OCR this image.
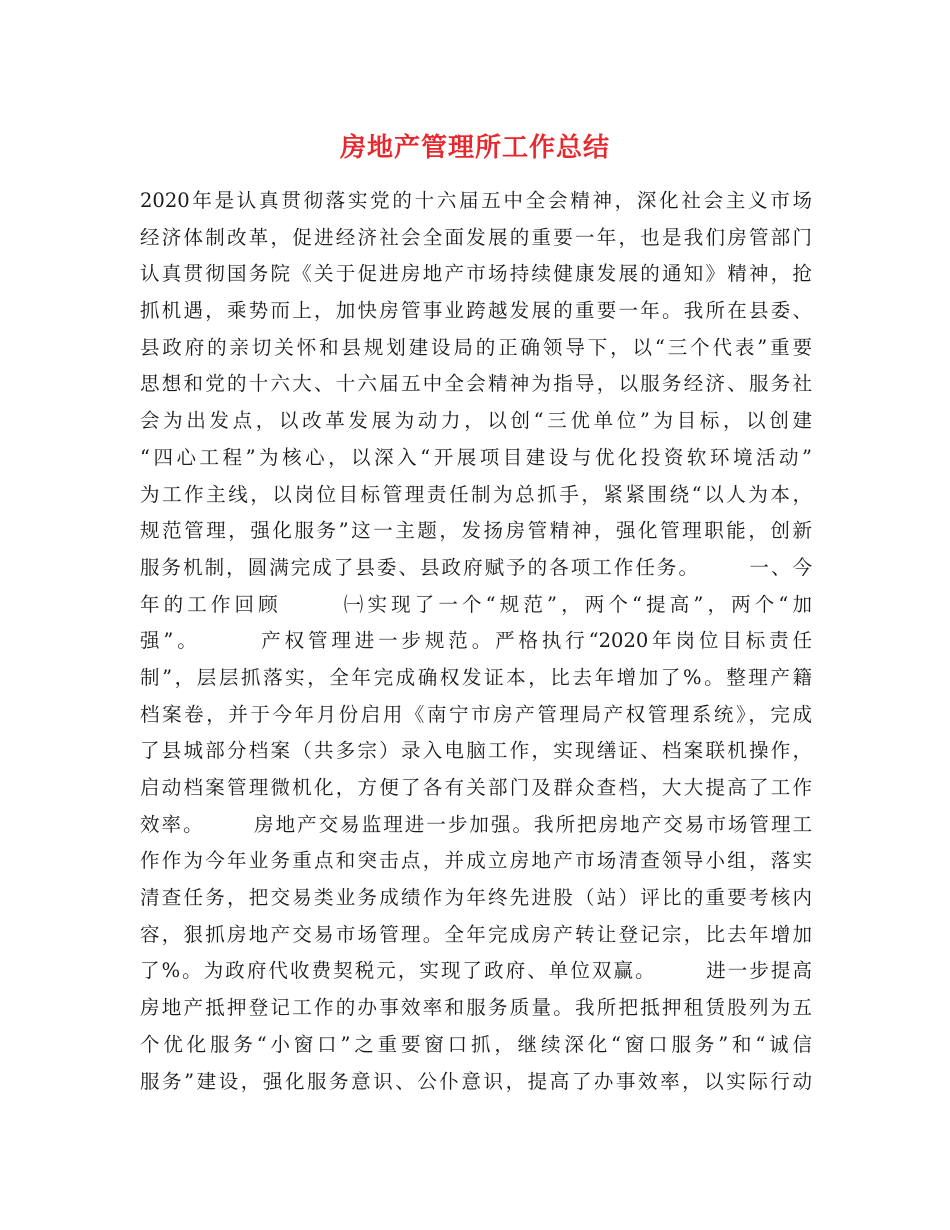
房地产管理所工作总结
2020年是认真贯彻落实党的十六届五中全会精神，深化社会主义市场
经济体制改革，促进经济社会全面发展的重要一年，也是我们房管部门
认真贯彻国务院《关于促进房地产市场持续健康发展的通知》精神，抢
抓机遇，乘势而上，加快房管事业跨越发展的重要一年。我所在县委、
县政府的亲切关怀和县规划建设局的正确领导下，以“三个代表”重要
思想和党的十六大、十六届五中全会精神为指导，以服务经济、服务社
会为出发点，以改革发展为动力，以创“三优单位”为目标，以创建
“四心工程”为核心，以深入“开展项目建设与优化投资软环境活动”
为工作主线，以岗位目标管理责任制为总抓手，紧紧围绕“以人为本，
规范管理，强化服务”这一主题，发扬房管精神，强化管理职能，创新
服务机制，圆满完成了县委、县政府赋予的各项工作任务。      一、今
年的工作回顾      ㈠实现了一个“规范”，两个“提高”，两个“加
强”。      产权管理进一步规范。严格执行“2020年岗位目标责任
制”，层层抓落实，全年完成确权发证本，比去年增加了%。整理产籍
档案卷，并于今年月份启用《南宁市房产管理局产权管理系统》，完成
了县城部分档案（共多宗）录入电脑工作，实现缮证、档案联机操作，
启动档案管理微机化，方便了各有关部门及群众查档，大大提高了工作
效率。      房地产交易监理进一步加强。我所把房地产交易市场管理工
作作为今年业务重点和突击点，并成立房地产市场清查领导小组，落实
清查任务，把交易类业务成绩作为年终先进股（站）评比的重要考核内
容，狠抓房地产交易市场管理。全年完成房产转让登记宗，比去年增加
了%。为政府代收费契税元，实现了政府、单位双赢。      进一步提高
房地产抵押登记工作的办事效率和服务质量。我所把抵押租赁股列为五
个优化服务“小窗口”之重要窗口抓，继续深化“窗口服务”和“诚信
服务”建设，强化服务意识、公仆意识，提高了办事效率，以实际行动
